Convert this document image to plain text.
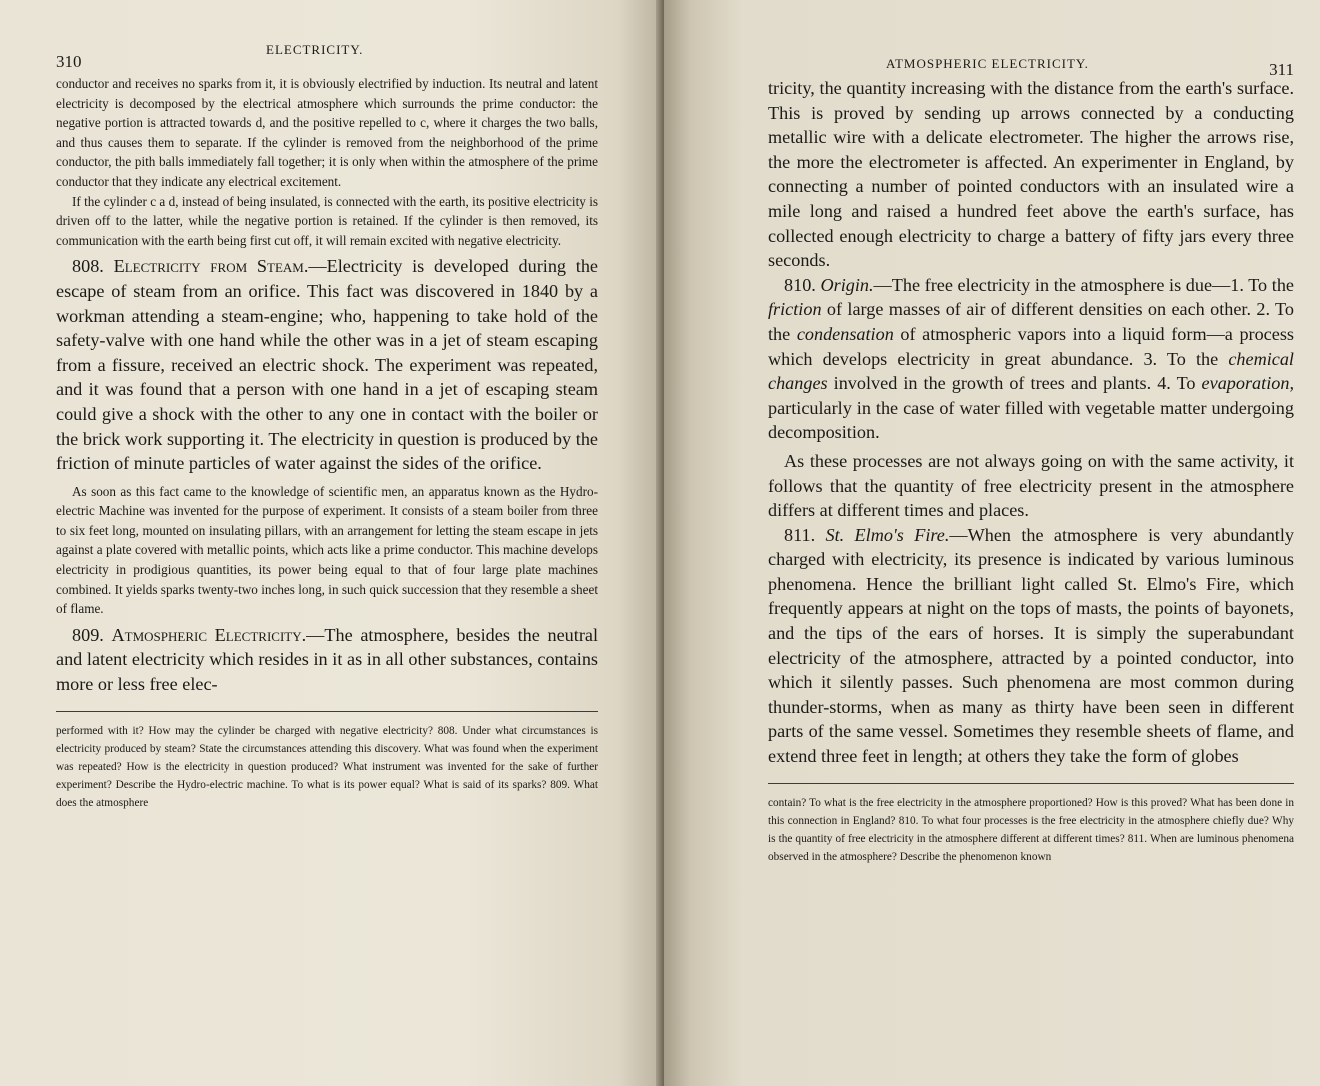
310
ELECTRICITY.

conductor and receives no sparks from it, it is obviously electrified by induction. Its neutral and latent electricity is decomposed by the electrical atmosphere which surrounds the prime conductor: the negative portion is attracted towards d, and the positive repelled to c, where it charges the two balls, and thus causes them to separate. If the cylinder is removed from the neighborhood of the prime conductor, the pith balls immediately fall together; it is only when within the atmosphere of the prime conductor that they indicate any electrical excitement.

If the cylinder c a d, instead of being insulated, is connected with the earth, its positive electricity is driven off to the latter, while the negative portion is retained. If the cylinder is then removed, its communication with the earth being first cut off, it will remain excited with negative electricity.

808. Electricity from Steam.—Electricity is developed during the escape of steam from an orifice. This fact was discovered in 1840 by a workman attending a steam-engine; who, happening to take hold of the safety-valve with one hand while the other was in a jet of steam escaping from a fissure, received an electric shock. The experiment was repeated, and it was found that a person with one hand in a jet of escaping steam could give a shock with the other to any one in contact with the boiler or the brick work supporting it. The electricity in question is produced by the friction of minute particles of water against the sides of the orifice.

As soon as this fact came to the knowledge of scientific men, an apparatus known as the Hydro-electric Machine was invented for the purpose of experiment. It consists of a steam boiler from three to six feet long, mounted on insulating pillars, with an arrangement for letting the steam escape in jets against a plate covered with metallic points, which acts like a prime conductor. This machine develops electricity in prodigious quantities, its power being equal to that of four large plate machines combined. It yields sparks twenty-two inches long, in such quick succession that they resemble a sheet of flame.

809. Atmospheric Electricity.—The atmosphere, besides the neutral and latent electricity which resides in it as in all other substances, contains more or less free elec-

performed with it? How may the cylinder be charged with negative electricity? 808. Under what circumstances is electricity produced by steam? State the circumstances attending this discovery. What was found when the experiment was repeated? How is the electricity in question produced? What instrument was invented for the sake of further experiment? Describe the Hydro-electric machine. To what is its power equal? What is said of its sparks? 809. What does the atmosphere

ATMOSPHERIC ELECTRICITY.	311

tricity, the quantity increasing with the distance from the earth's surface. This is proved by sending up arrows connected by a conducting metallic wire with a delicate electrometer. The higher the arrows rise, the more the electrometer is affected. An experimenter in England, by connecting a number of pointed conductors with an insulated wire a mile long and raised a hundred feet above the earth's surface, has collected enough electricity to charge a battery of fifty jars every three seconds.

810. Origin.—The free electricity in the atmosphere is due—1. To the friction of large masses of air of different densities on each other. 2. To the condensation of atmospheric vapors into a liquid form—a process which develops electricity in great abundance. 3. To the chemical changes involved in the growth of trees and plants. 4. To evaporation, particularly in the case of water filled with vegetable matter undergoing decomposition.

As these processes are not always going on with the same activity, it follows that the quantity of free electricity present in the atmosphere differs at different times and places.

811. St. Elmo's Fire.—When the atmosphere is very abundantly charged with electricity, its presence is indicated by various luminous phenomena. Hence the brilliant light called St. Elmo's Fire, which frequently appears at night on the tops of masts, the points of bayonets, and the tips of the ears of horses. It is simply the superabundant electricity of the atmosphere, attracted by a pointed conductor, into which it silently passes. Such phenomena are most common during thunder-storms, when as many as thirty have been seen in different parts of the same vessel. Sometimes they resemble sheets of flame, and extend three feet in length; at others they take the form of globes

contain? To what is the free electricity in the atmosphere proportioned? How is this proved? What has been done in this connection in England? 810. To what four processes is the free electricity in the atmosphere chiefly due? Why is the quantity of free electricity in the atmosphere different at different times? 811. When are luminous phenomena observed in the atmosphere? Describe the phenomenon known
